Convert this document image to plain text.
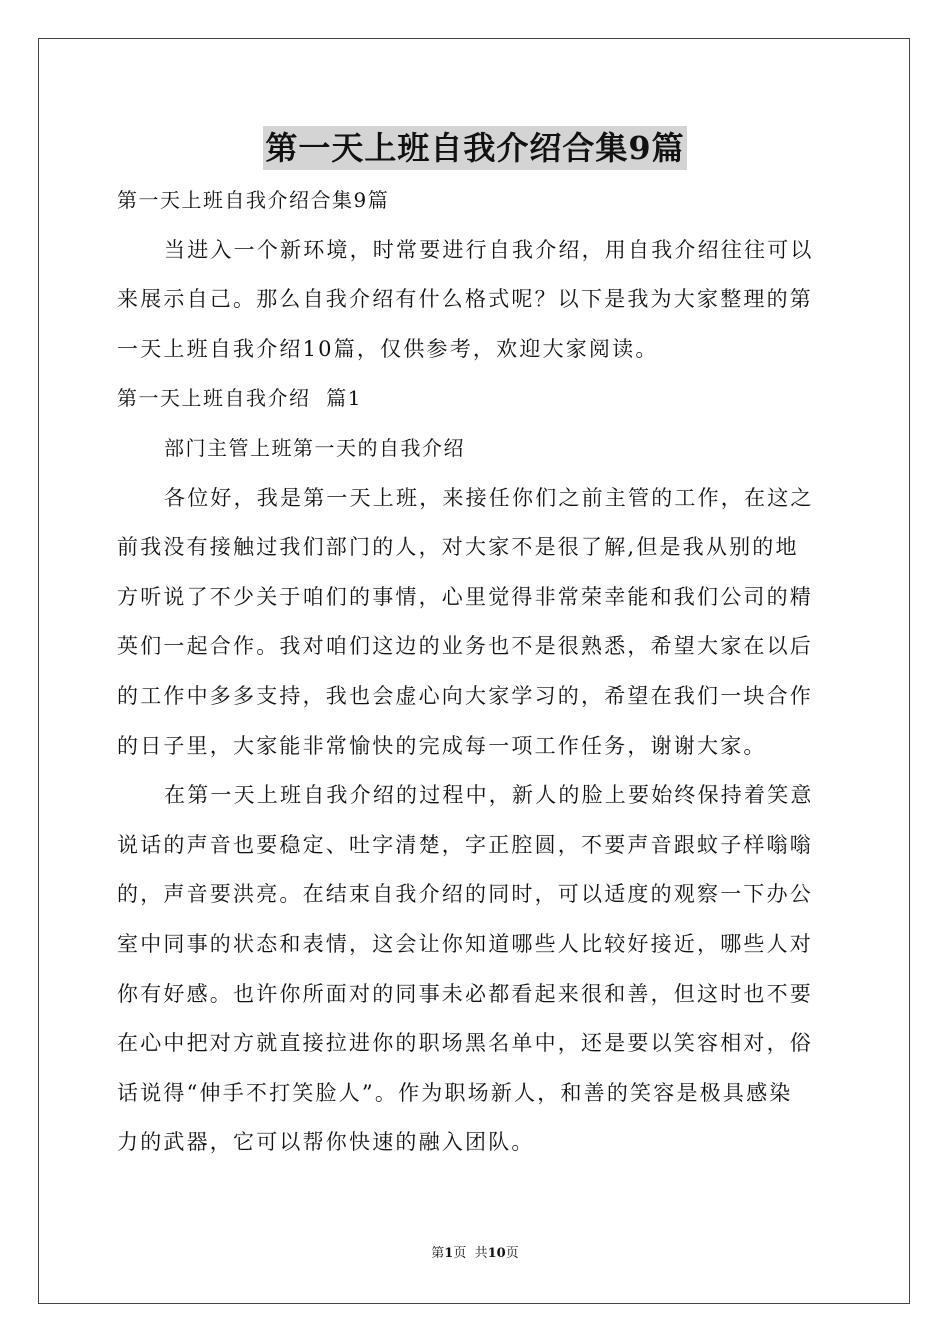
第一天上班自我介绍合集9篇
第一天上班自我介绍合集9篇
当进入一个新环境，时常要进行自我介绍，用自我介绍往往可以
来展示自己。那么自我介绍有什么格式呢？以下是我为大家整理的第
一天上班自我介绍10篇，仅供参考，欢迎大家阅读。
第一天上班自我介绍  篇1
部门主管上班第一天的自我介绍
各位好，我是第一天上班，来接任你们之前主管的工作，在这之
前我没有接触过我们部门的人，对大家不是很了解,但是我从别的地
方听说了不少关于咱们的事情，心里觉得非常荣幸能和我们公司的精
英们一起合作。我对咱们这边的业务也不是很熟悉，希望大家在以后
的工作中多多支持，我也会虚心向大家学习的，希望在我们一块合作
的日子里，大家能非常愉快的完成每一项工作任务，谢谢大家。
在第一天上班自我介绍的过程中，新人的脸上要始终保持着笑意
说话的声音也要稳定、吐字清楚，字正腔圆，不要声音跟蚊子样嗡嗡
的，声音要洪亮。在结束自我介绍的同时，可以适度的观察一下办公
室中同事的状态和表情，这会让你知道哪些人比较好接近，哪些人对
你有好感。也许你所面对的同事未必都看起来很和善，但这时也不要
在心中把对方就直接拉进你的职场黑名单中，还是要以笑容相对，俗
话说得“伸手不打笑脸人”。作为职场新人，和善的笑容是极具感染
力的武器，它可以帮你快速的融入团队。
第1页  共10页
